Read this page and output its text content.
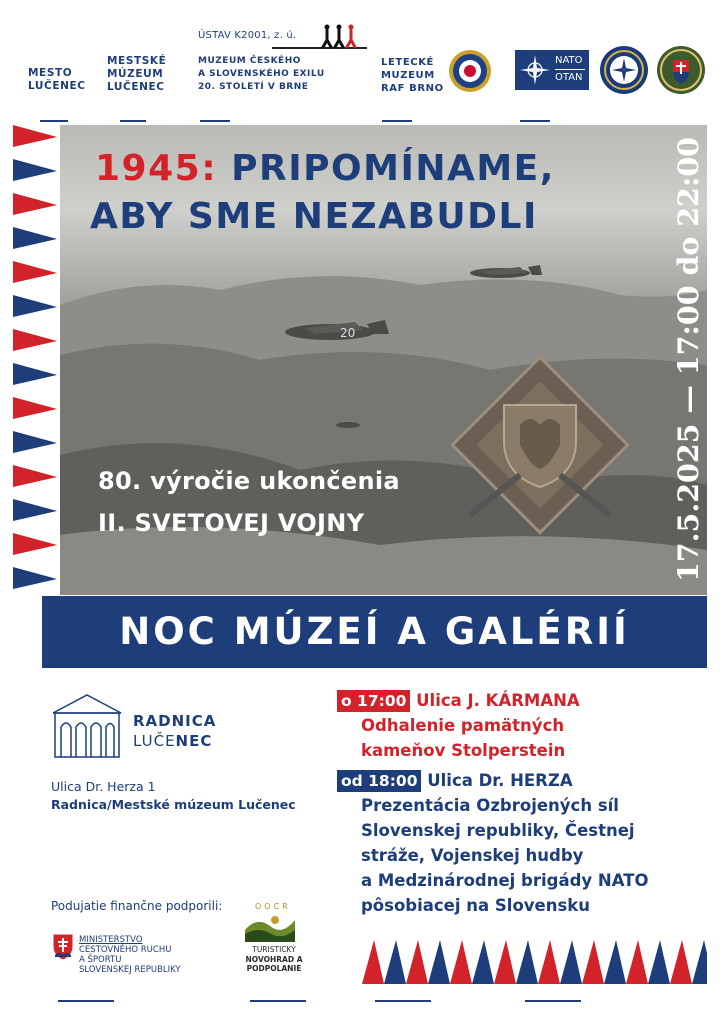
MESTO
LUČENEC
MESTSKÉ
MÚZEUM
LUČENEC
ÚSTAV K2001, z. ú.
MUZEUM ČESKÉHO
A SLOVENSKÉHO EXILU
20. STOLETÍ V BRNE
LETECKÉ
MUZEUM
RAF BRNO
NATO
OTAN
20
1945: PRIPOMÍNAME,
ABY SME NEZABUDLI
80. výročie ukončenia
II. SVETOVEJ VOJNY	17.5.2025 — 17:00 do 22:00
NOC MÚZEÍ A GALÉRIÍ
RADNICA
LUČENEC
Ulica Dr. Herza 1
Radnica/Mestské múzeum Lučenec
Podujatie finančne podporili:
MINISTERSTVO
CESTOVNÉHO RUCHU
A ŠPORTU
SLOVENSKEJ REPUBLIKY
OOCR
TURISTICKÝ
NOVOHRAD A
PODPOLANIE
o 17:00 Ulica J. KÁRMANA
Odhalenie pamätných
kameňov Stolperstein
od 18:00 Ulica Dr. HERZA
Prezentácia Ozbrojených síl
Slovenskej republiky, Čestnej
stráže, Vojenskej hudby
a Medzinárodnej brigády NATO
pôsobiacej na Slovensku
